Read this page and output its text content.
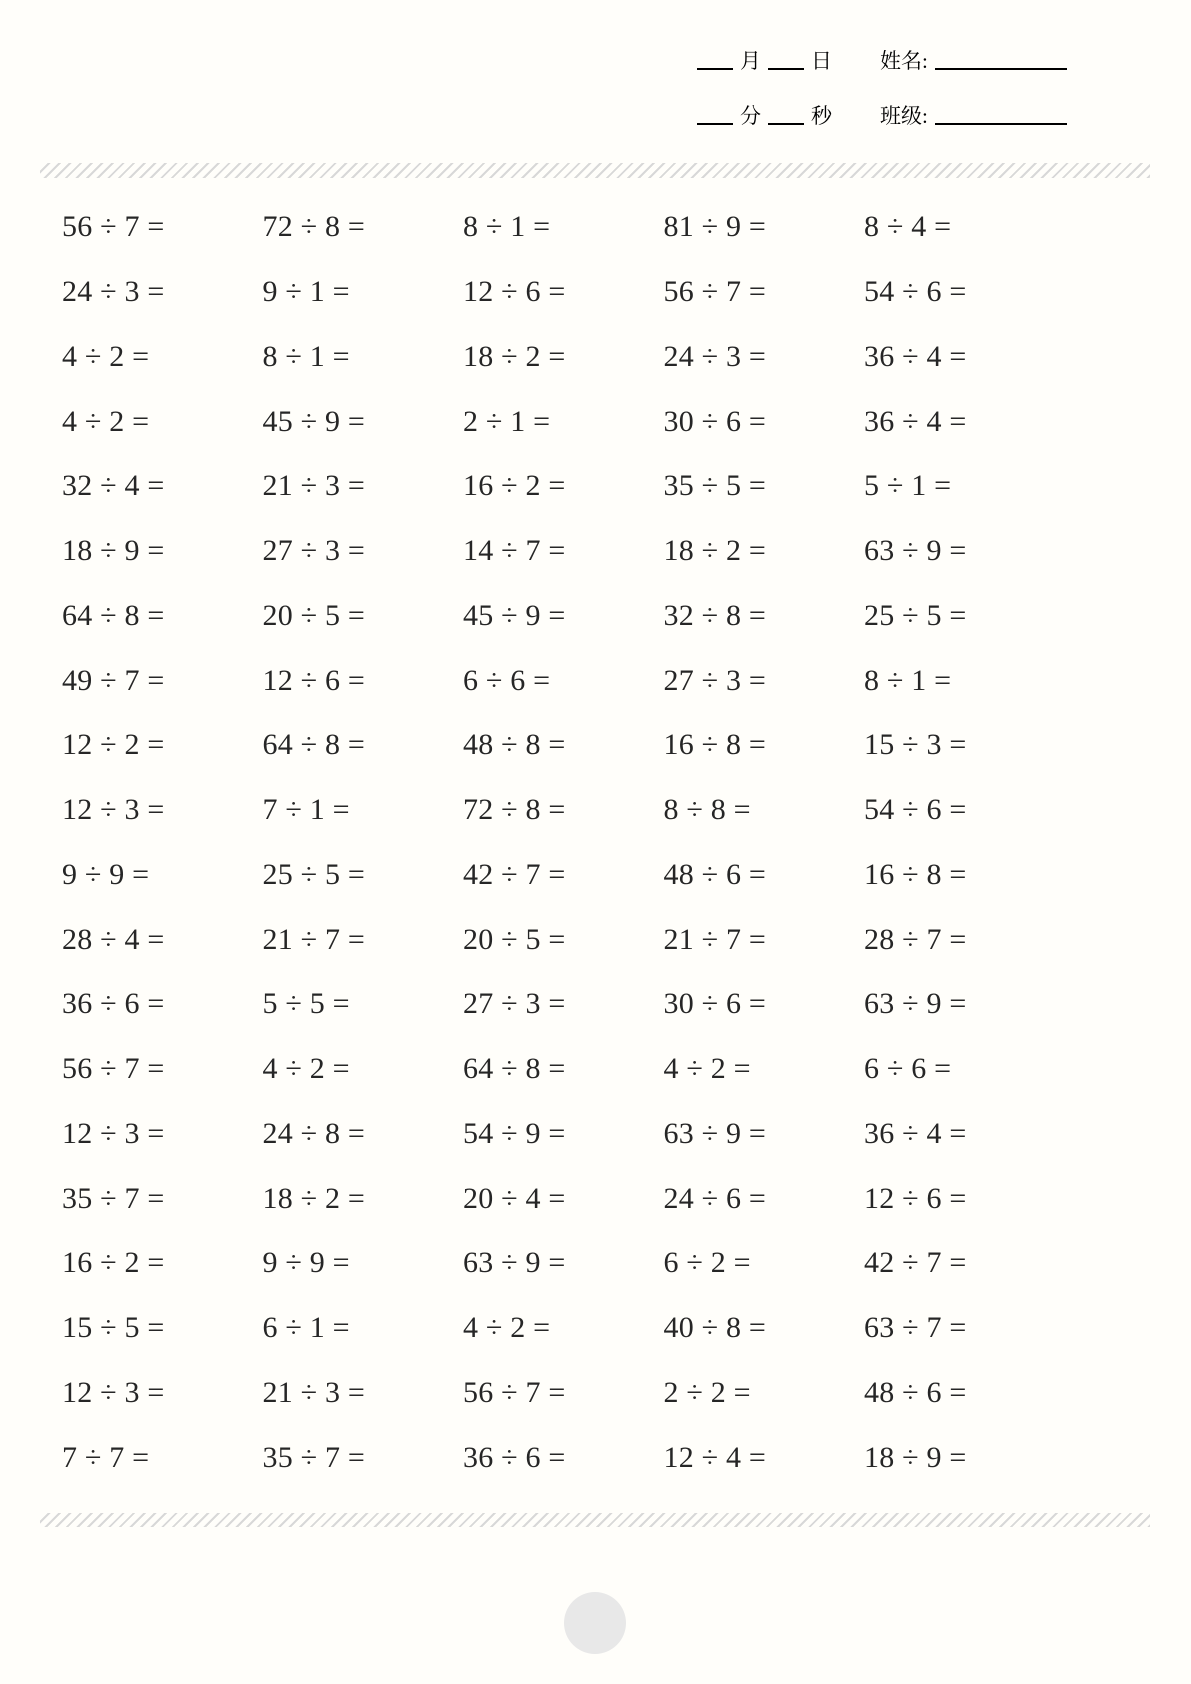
月 日 姓名:
分 秒 班级:
56 ÷ 7 =	72 ÷ 8 =	8 ÷ 1 =	81 ÷ 9 =	8 ÷ 4 =
24 ÷ 3 =	9 ÷ 1 =	12 ÷ 6 =	56 ÷ 7 =	54 ÷ 6 =
4 ÷ 2 =	8 ÷ 1 =	18 ÷ 2 =	24 ÷ 3 =	36 ÷ 4 =
4 ÷ 2 =	45 ÷ 9 =	2 ÷ 1 =	30 ÷ 6 =	36 ÷ 4 =
32 ÷ 4 =	21 ÷ 3 =	16 ÷ 2 =	35 ÷ 5 =	5 ÷ 1 =
18 ÷ 9 =	27 ÷ 3 =	14 ÷ 7 =	18 ÷ 2 =	63 ÷ 9 =
64 ÷ 8 =	20 ÷ 5 =	45 ÷ 9 =	32 ÷ 8 =	25 ÷ 5 =
49 ÷ 7 =	12 ÷ 6 =	6 ÷ 6 =	27 ÷ 3 =	8 ÷ 1 =
12 ÷ 2 =	64 ÷ 8 =	48 ÷ 8 =	16 ÷ 8 =	15 ÷ 3 =
12 ÷ 3 =	7 ÷ 1 =	72 ÷ 8 =	8 ÷ 8 =	54 ÷ 6 =
9 ÷ 9 =	25 ÷ 5 =	42 ÷ 7 =	48 ÷ 6 =	16 ÷ 8 =
28 ÷ 4 =	21 ÷ 7 =	20 ÷ 5 =	21 ÷ 7 =	28 ÷ 7 =
36 ÷ 6 =	5 ÷ 5 =	27 ÷ 3 =	30 ÷ 6 =	63 ÷ 9 =
56 ÷ 7 =	4 ÷ 2 =	64 ÷ 8 =	4 ÷ 2 =	6 ÷ 6 =
12 ÷ 3 =	24 ÷ 8 =	54 ÷ 9 =	63 ÷ 9 =	36 ÷ 4 =
35 ÷ 7 =	18 ÷ 2 =	20 ÷ 4 =	24 ÷ 6 =	12 ÷ 6 =
16 ÷ 2 =	9 ÷ 9 =	63 ÷ 9 =	6 ÷ 2 =	42 ÷ 7 =
15 ÷ 5 =	6 ÷ 1 =	4 ÷ 2 =	40 ÷ 8 =	63 ÷ 7 =
12 ÷ 3 =	21 ÷ 3 =	56 ÷ 7 =	2 ÷ 2 =	48 ÷ 6 =
7 ÷ 7 =	35 ÷ 7 =	36 ÷ 6 =	12 ÷ 4 =	18 ÷ 9 =
